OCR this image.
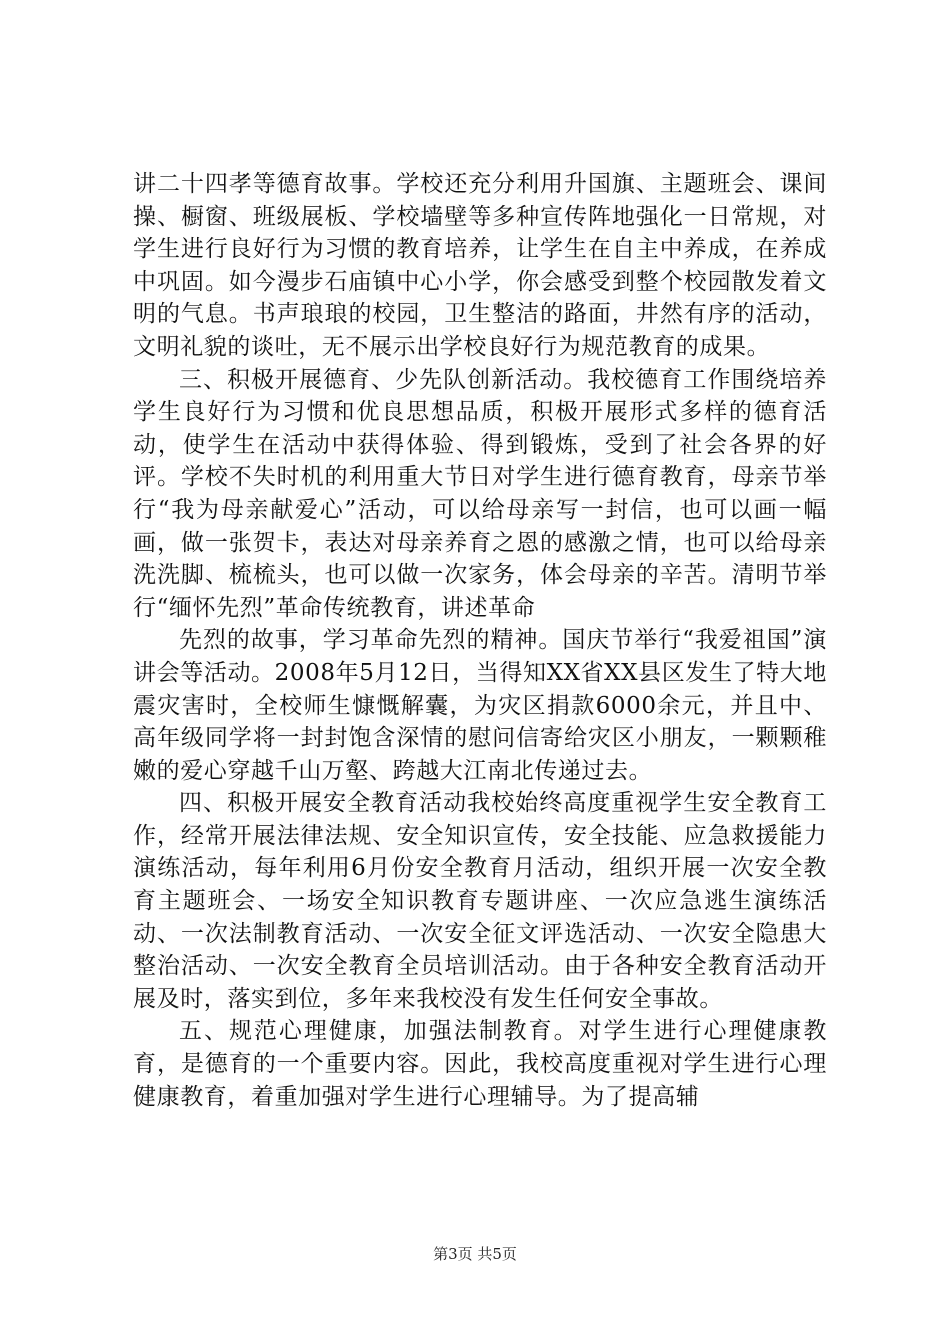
讲二十四孝等德育故事。学校还充分利用升国旗、主题班会、课间操、橱窗、班级展板、学校墙壁等多种宣传阵地强化一日常规，对学生进行良好行为习惯的教育培养，让学生在自主中养成，在养成中巩固。如今漫步石庙镇中心小学，你会感受到整个校园散发着文明的气息。书声琅琅的校园，卫生整洁的路面，井然有序的活动，文明礼貌的谈吐，无不展示出学校良好行为规范教育的成果。

三、积极开展德育、少先队创新活动。我校德育工作围绕培养学生良好行为习惯和优良思想品质，积极开展形式多样的德育活动，使学生在活动中获得体验、得到锻炼，受到了社会各界的好评。学校不失时机的利用重大节日对学生进行德育教育，母亲节举行“我为母亲献爱心”活动，可以给母亲写一封信，也可以画一幅画，做一张贺卡，表达对母亲养育之恩的感激之情，也可以给母亲洗洗脚、梳梳头，也可以做一次家务，体会母亲的辛苦。清明节举行“缅怀先烈”革命传统教育，讲述革命

先烈的故事，学习革命先烈的精神。国庆节举行“我爱祖国”演讲会等活动。2008年5月12日，当得知XX省XX县区发生了特大地震灾害时，全校师生慷慨解囊，为灾区捐款6000余元，并且中、高年级同学将一封封饱含深情的慰问信寄给灾区小朋友，一颗颗稚嫩的爱心穿越千山万壑、跨越大江南北传递过去。

四、积极开展安全教育活动我校始终高度重视学生安全教育工作，经常开展法律法规、安全知识宣传，安全技能、应急救援能力演练活动，每年利用6月份安全教育月活动，组织开展一次安全教育主题班会、一场安全知识教育专题讲座、一次应急逃生演练活动、一次法制教育活动、一次安全征文评选活动、一次安全隐患大整治活动、一次安全教育全员培训活动。由于各种安全教育活动开展及时，落实到位，多年来我校没有发生任何安全事故。

五、规范心理健康，加强法制教育。对学生进行心理健康教育，是德育的一个重要内容。因此，我校高度重视对学生进行心理健康教育，着重加强对学生进行心理辅导。为了提高辅

第3页 共5页
